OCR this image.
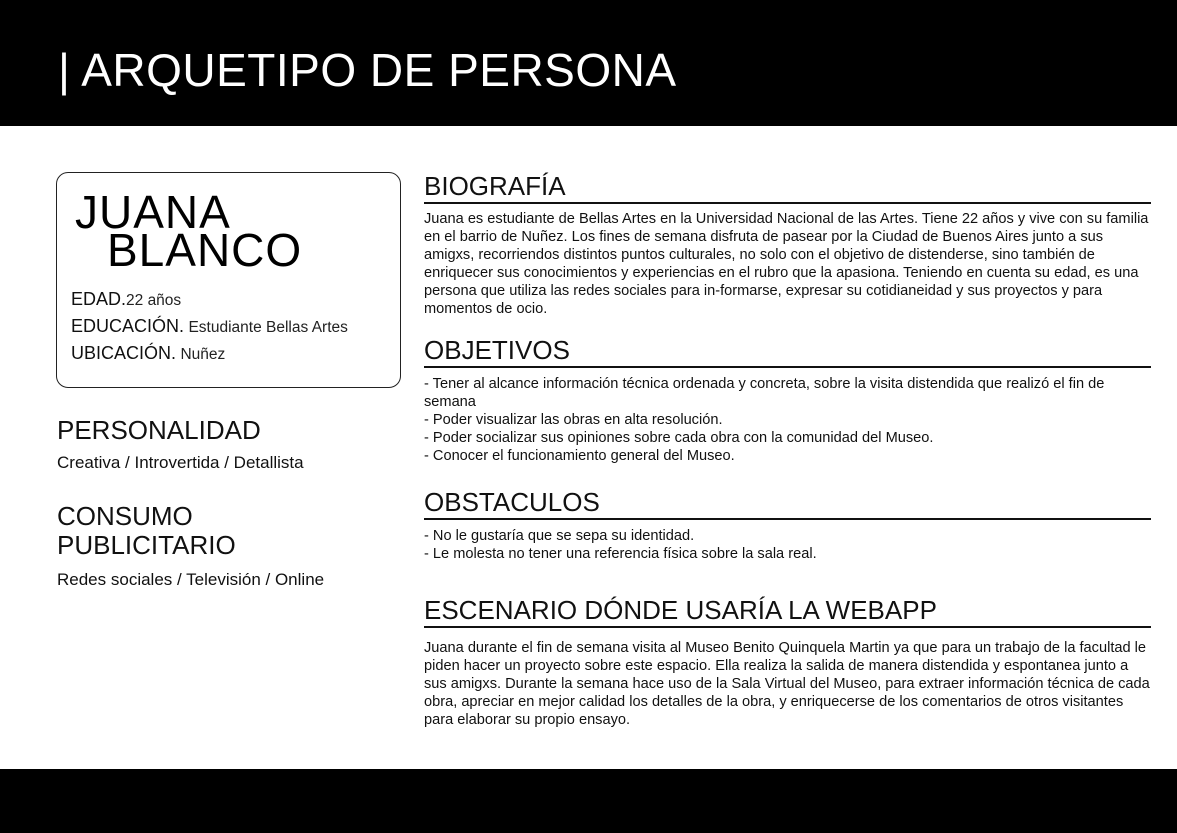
| ARQUETIPO DE PERSONA
JUANA
BLANCO
EDAD.22 años
EDUCACIÓN. Estudiante Bellas Artes
UBICACIÓN. Nuñez
PERSONALIDAD

Creativa / Introvertida / Detallista

CONSUMO
PUBLICITARIO

Redes sociales / Televisión / Online

BIOGRAFÍA

Juana es estudiante de Bellas Artes en la Universidad Nacional de las Artes. Tiene 22 años y vive con su familia en el barrio de Nuñez. Los fines de semana disfruta de pasear por la Ciudad de Buenos Aires junto a sus amigxs, recorriendos distintos puntos culturales, no solo con el objetivo de distenderse, sino también de enriquecer sus conocimientos y experiencias en el rubro que la apasiona. Teniendo en cuenta su edad, es una persona que utiliza las redes sociales para in-formarse, expresar su cotidianeidad y sus proyectos y para momentos de ocio.

OBJETIVOS
- Tener al alcance información técnica ordenada y concreta, sobre la visita distendida que realizó el fin de semana
- Poder visualizar las obras en alta resolución.
- Poder socializar sus opiniones sobre cada obra con la comunidad del Museo.
- Conocer el funcionamiento general del Museo.
OBSTACULOS
- No le gustaría que se sepa su identidad.
- Le molesta no tener una referencia física sobre la sala real.
ESCENARIO DÓNDE USARÍA LA WEBAPP

Juana durante el fin de semana visita al Museo Benito Quinquela Martin ya que para un trabajo de la facultad le piden hacer un proyecto sobre este espacio. Ella realiza la salida de manera distendida y espontanea junto a sus amigxs. Durante la semana hace uso de la Sala Virtual del Museo, para extraer información técnica de cada obra, apreciar en mejor calidad los detalles de la obra, y enriquecerse de los comentarios de otros visitantes para elaborar su propio ensayo.
